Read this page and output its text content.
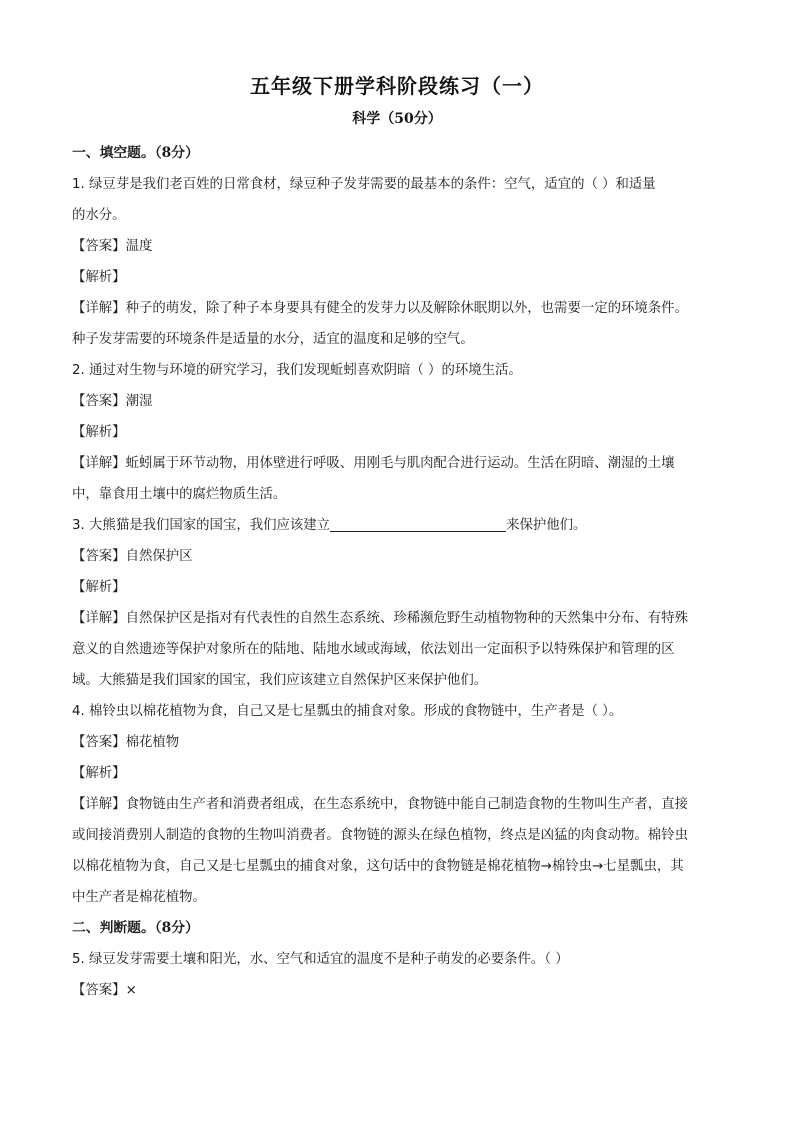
五年级下册学科阶段练习（一）
科学（50分）
一、填空题。（8分）
1. 绿豆芽是我们老百姓的日常食材，绿豆种子发芽需要的最基本的条件：空气，适宜的（ ）和适量
的水分。
【答案】温度
【解析】
【详解】种子的萌发，除了种子本身要具有健全的发芽力以及解除休眠期以外，也需要一定的环境条件。
种子发芽需要的环境条件是适量的水分，适宜的温度和足够的空气。
2. 通过对生物与环境的研究学习，我们发现蚯蚓喜欢阴暗（ ）的环境生活。
【答案】潮湿
【解析】
【详解】蚯蚓属于环节动物，用体壁进行呼吸、用刚毛与肌肉配合进行运动。生活在阴暗、潮湿的土壤
中，靠食用土壤中的腐烂物质生活。
3. 大熊猫是我们国家的国宝，我们应该建立	来保护他们。
【答案】自然保护区
【解析】
【详解】自然保护区是指对有代表性的自然生态系统、珍稀濒危野生动植物物种的天然集中分布、有特殊
意义的自然遗迹等保护对象所在的陆地、陆地水域或海域，依法划出一定面积予以特殊保护和管理的区
域。大熊猫是我们国家的国宝，我们应该建立自然保护区来保护他们。
4. 棉铃虫以棉花植物为食，自己又是七星瓢虫的捕食对象。形成的食物链中，生产者是（ ）。
【答案】棉花植物
【解析】
【详解】食物链由生产者和消费者组成，在生态系统中，食物链中能自己制造食物的生物叫生产者，直接
或间接消费别人制造的食物的生物叫消费者。食物链的源头在绿色植物，终点是凶猛的肉食动物。棉铃虫
以棉花植物为食，自己又是七星瓢虫的捕食对象，这句话中的食物链是棉花植物→棉铃虫→七星瓢虫，其
中生产者是棉花植物。
二、判断题。（8分）
5. 绿豆发芽需要土壤和阳光，水、空气和适宜的温度不是种子萌发的必要条件。（ ）
【答案】×
